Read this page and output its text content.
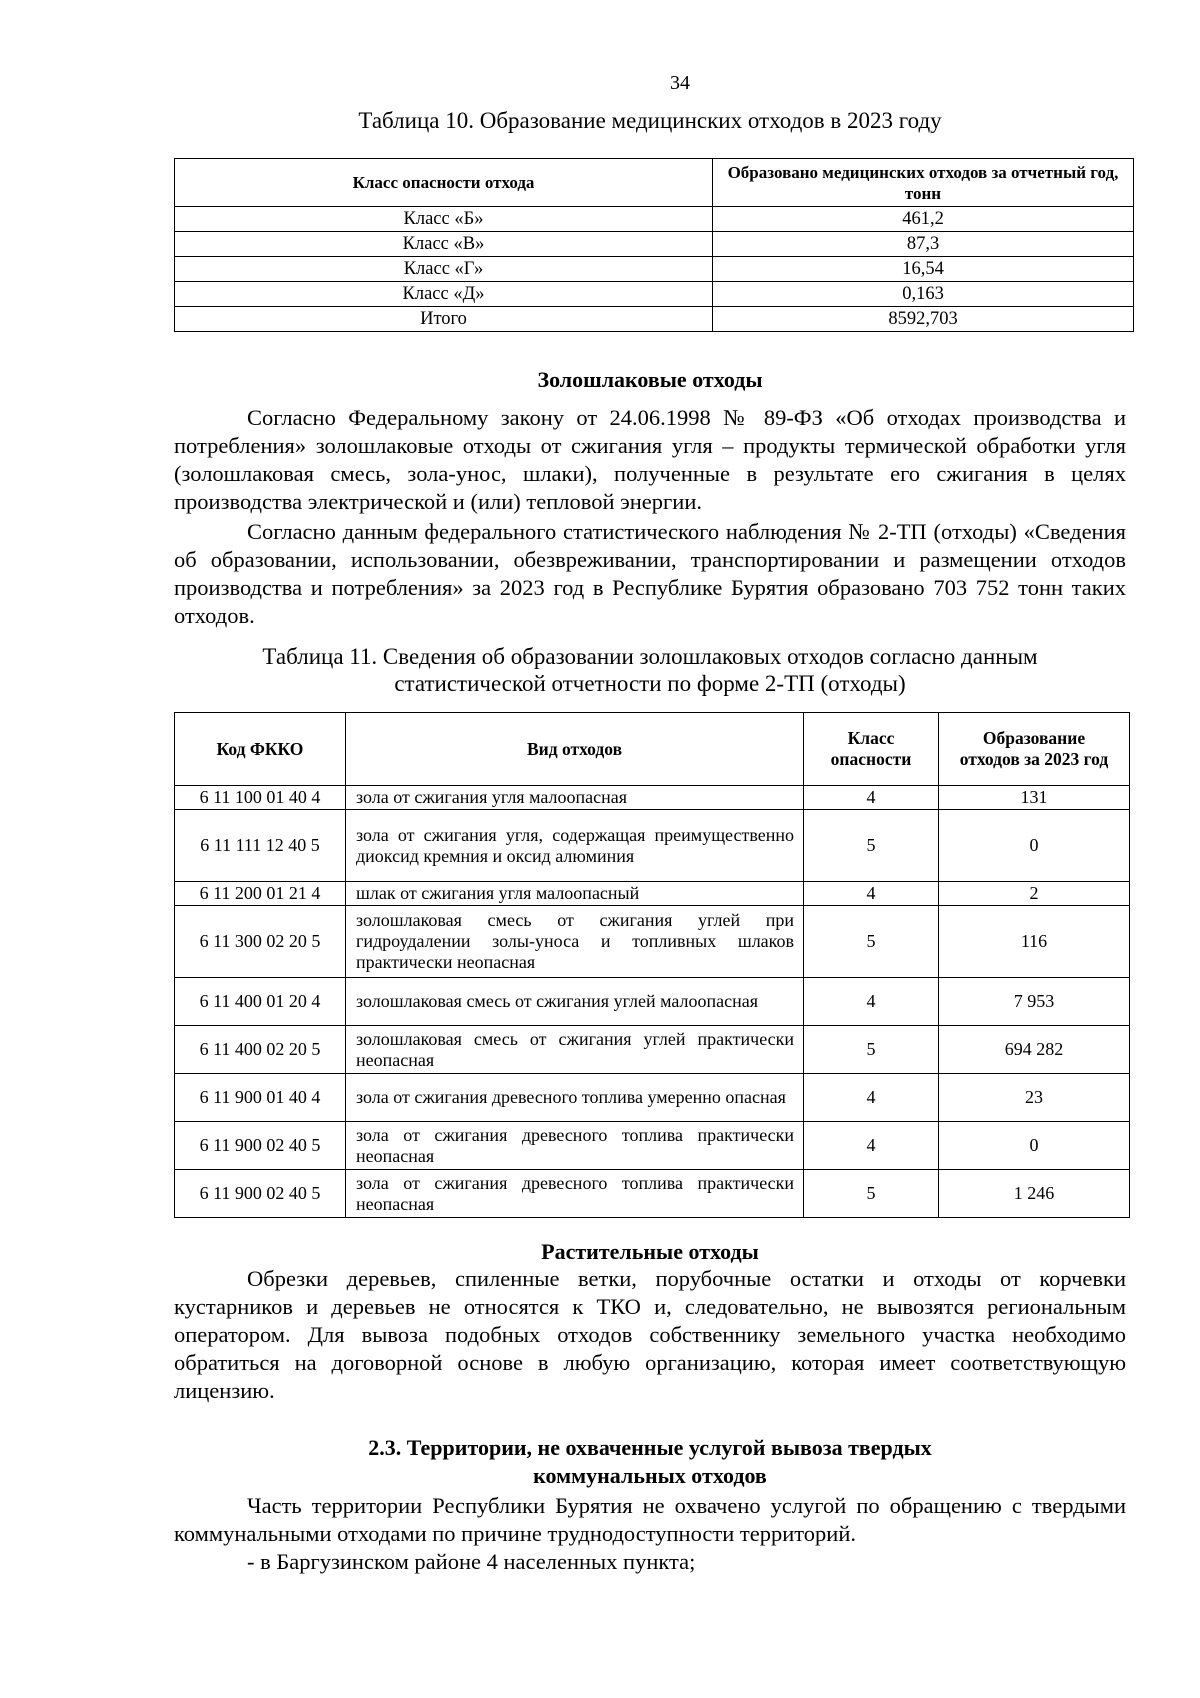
34
Таблица 10. Образование медицинских отходов в 2023 году
Класс опасности отхода	Образовано медицинских отходов за отчетный год, тонн
Класс «Б»	461,2
Класс «В»	87,3
Класс «Г»	16,54
Класс «Д»	0,163
Итого	8592,703
Золошлаковые отходы

Согласно Федеральному закону от 24.06.1998 № 89-ФЗ «Об отходах производства и потребления» золошлаковые отходы от сжигания угля – продукты термической обработки угля (золошлаковая смесь, зола-унос, шлаки), полученные в результате его сжигания в целях производства электрической и (или) тепловой энергии.

Согласно данным федерального статистического наблюдения № 2-ТП (отходы) «Сведения об образовании, использовании, обезвреживании, транспортировании и размещении отходов производства и потребления» за 2023 год в Республике Бурятия образовано 703 752 тонн таких отходов.

Таблица 11. Сведения об образовании золошлаковых отходов согласно данным
статистической отчетности по форме 2-ТП (отходы)
Код ФККО	Вид отходов	Класс опасности	Образование отходов за 2023 год
6 11 100 01 40 4	зола от сжигания угля малоопасная	4	131
6 11 111 12 40 5	зола от сжигания угля, содержащая преимущественно диоксид кремния и оксид алюминия	5	0
6 11 200 01 21 4	шлак от сжигания угля малоопасный	4	2
6 11 300 02 20 5	золошлаковая смесь от сжигания углей при гидроудалении золы-уноса и топливных шлаков практически неопасная	5	116
6 11 400 01 20 4	золошлаковая смесь от сжигания углей малоопасная	4	7 953
6 11 400 02 20 5	золошлаковая смесь от сжигания углей практически неопасная	5	694 282
6 11 900 01 40 4	зола от сжигания древесного топлива умеренно опасная	4	23
6 11 900 02 40 5	зола от сжигания древесного топлива практически неопасная	4	0
6 11 900 02 40 5	зола от сжигания древесного топлива практически неопасная	5	1 246
Растительные отходы

Обрезки деревьев, спиленные ветки, порубочные остатки и отходы от корчевки кустарников и деревьев не относятся к ТКО и, следовательно, не вывозятся региональным оператором. Для вывоза подобных отходов собственнику земельного участка необходимо обратиться на договорной основе в любую организацию, которая имеет соответствующую лицензию.

2.3. Территории, не охваченные услугой вывоза твердых
коммунальных отходов

Часть территории Республики Бурятия не охвачено услугой по обращению с твердыми коммунальными отходами по причине труднодоступности территорий.

- в Баргузинском районе 4 населенных пункта;
